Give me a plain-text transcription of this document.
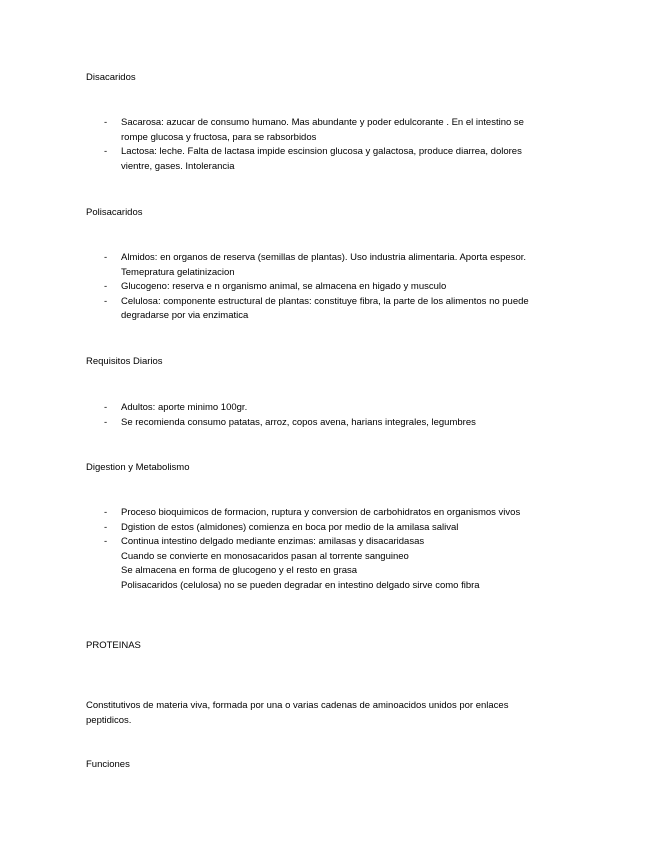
Disacaridos
- Sacarosa: azucar de consumo humano. Mas abundante y poder edulcorante . En el intestino se rompe glucosa y fructosa, para se rabsorbidos
- Lactosa: leche. Falta de lactasa impide escinsion glucosa y galactosa, produce diarrea, dolores vientre, gases. Intolerancia
Polisacaridos
- Almidos: en organos de reserva (semillas de plantas). Uso industria alimentaria. Aporta espesor. Temepratura gelatinizacion
- Glucogeno: reserva e n organismo animal, se almacena en higado y musculo
- Celulosa: componente estructural de plantas: constituye fibra, la parte de los alimentos no puede degradarse por via enzimatica
Requisitos Diarios
- Adultos: aporte minimo 100gr.
- Se recomienda consumo patatas, arroz, copos avena, harians integrales, legumbres
Digestion y Metabolismo
- Proceso bioquimicos de formacion, ruptura y conversion de carbohidratos en organismos vivos
- Dgistion de estos (almidones) comienza en boca por medio de la amilasa salival
- Continua intestino delgado mediante enzimas: amilasas y disacaridasas
Cuando se convierte en monosacaridos pasan al torrente sanguineo
Se almacena en forma de glucogeno y el resto en grasa
Polisacaridos (celulosa) no se pueden degradar en intestino delgado sirve como fibra
PROTEINAS
Constitutivos de materia viva, formada por una o varias cadenas de aminoacidos unidos por enlaces peptidicos.
Funciones
